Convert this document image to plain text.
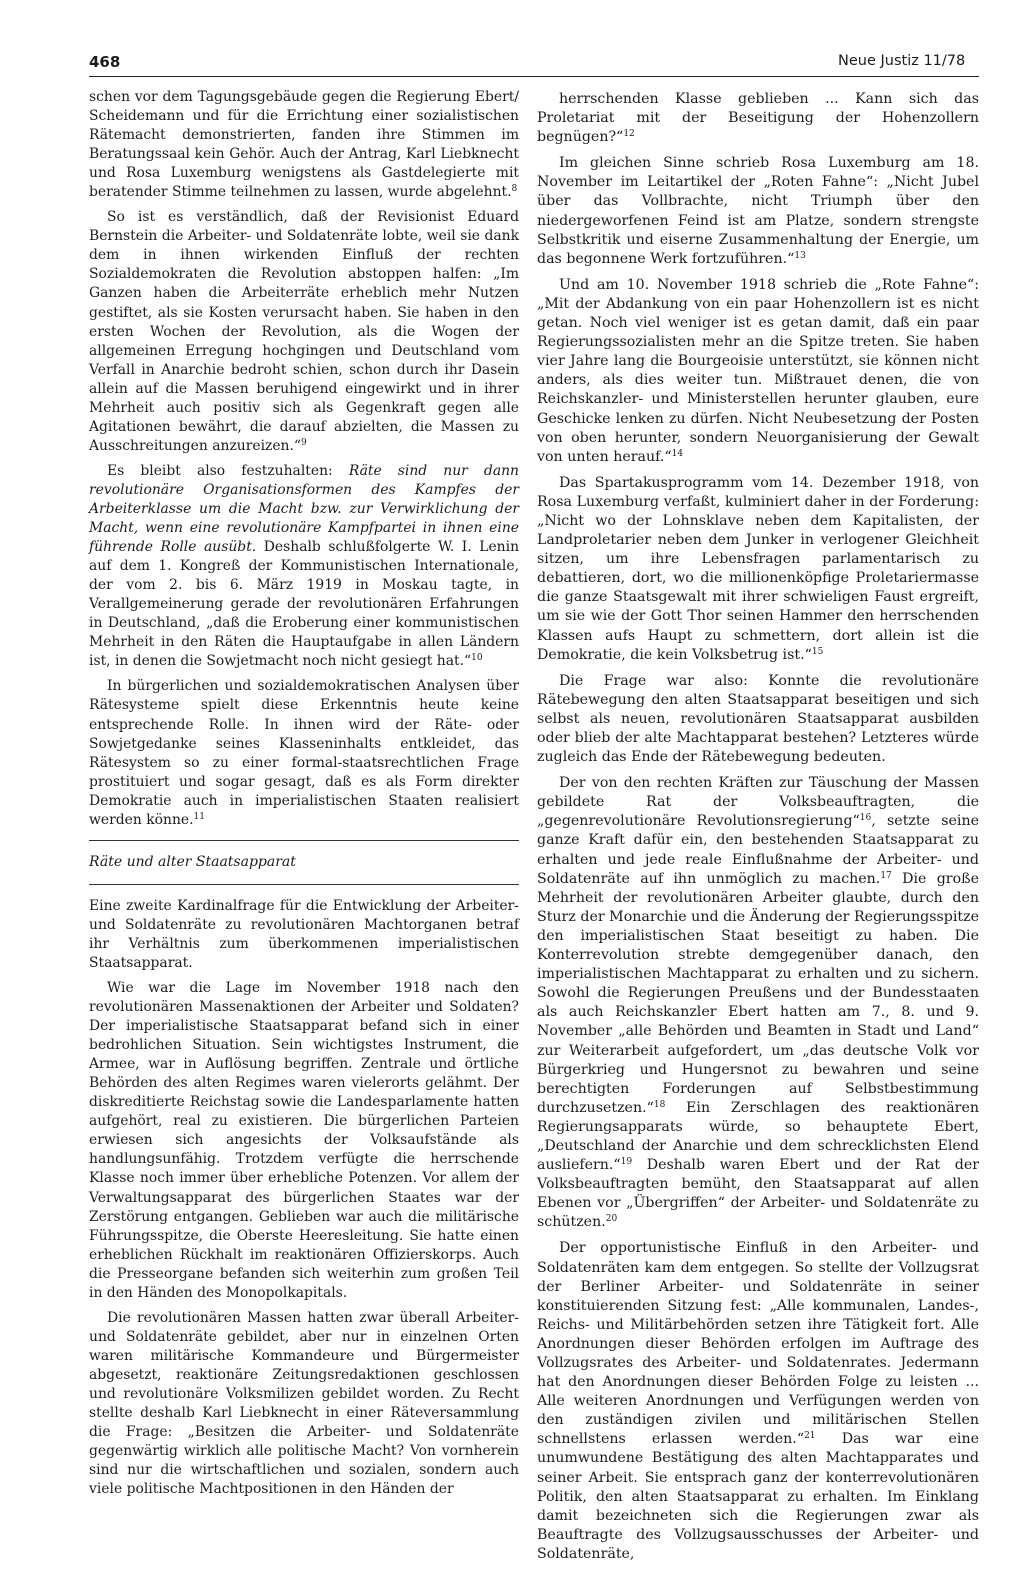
468	Neue Justiz 11/78

schen vor dem Tagungsgebäude gegen die Regierung Ebert/ Scheidemann und für die Errichtung einer sozialistischen Rätemacht demonstrierten, fanden ihre Stimmen im Beratungssaal kein Gehör. Auch der Antrag, Karl Liebknecht und Rosa Luxemburg wenigstens als Gastdelegierte mit beratender Stimme teilnehmen zu lassen, wurde abgelehnt.$^8$

So ist es verständlich, daß der Revisionist Eduard Bernstein die Arbeiter- und Soldatenräte lobte, weil sie dank dem in ihnen wirkenden Einfluß der rechten Sozialdemokraten die Revolution abstoppen halfen: „Im Ganzen haben die Arbeiterräte erheblich mehr Nutzen gestiftet, als sie Kosten verursacht haben. Sie haben in den ersten Wochen der Revolution, als die Wogen der allgemeinen Erregung hochgingen und Deutschland vom Verfall in Anarchie bedroht schien, schon durch ihr Dasein allein auf die Massen beruhigend eingewirkt und in ihrer Mehrheit auch positiv sich als Gegenkraft gegen alle Agitationen bewährt, die darauf abzielten, die Massen zu Ausschreitungen anzureizen.“$^9$

Es bleibt also festzuhalten: Räte sind nur dann revolutionäre Organisationsformen des Kampfes der Arbeiterklasse um die Macht bzw. zur Verwirklichung der Macht, wenn eine revolutionäre Kampfpartei in ihnen eine führende Rolle ausübt. Deshalb schlußfolgerte W. I. Lenin auf dem 1. Kongreß der Kommunistischen Internationale, der vom 2. bis 6. März 1919 in Moskau tagte, in Verallgemeinerung gerade der revolutionären Erfahrungen in Deutschland, „daß die Eroberung einer kommunistischen Mehrheit in den Räten die Hauptaufgabe in allen Ländern ist, in denen die Sowjetmacht noch nicht gesiegt hat.“$^{10}$

In bürgerlichen und sozialdemokratischen Analysen über Rätesysteme spielt diese Erkenntnis heute keine entsprechende Rolle. In ihnen wird der Räte- oder Sowjetgedanke seines Klasseninhalts entkleidet, das Rätesystem so zu einer formal-staatsrechtlichen Frage prostituiert und sogar gesagt, daß es als Form direkter Demokratie auch in imperialistischen Staaten realisiert werden könne.$^{11}$

Räte und alter Staatsapparat

Eine zweite Kardinalfrage für die Entwicklung der Arbeiter- und Soldatenräte zu revolutionären Machtorganen betraf ihr Verhältnis zum überkommenen imperialistischen Staatsapparat.

Wie war die Lage im November 1918 nach den revolutionären Massenaktionen der Arbeiter und Soldaten? Der imperialistische Staatsapparat befand sich in einer bedrohlichen Situation. Sein wichtigstes Instrument, die Armee, war in Auflösung begriffen. Zentrale und örtliche Behörden des alten Regimes waren vielerorts gelähmt. Der diskreditierte Reichstag sowie die Landesparlamente hatten aufgehört, real zu existieren. Die bürgerlichen Parteien erwiesen sich angesichts der Volksaufstände als handlungsunfähig. Trotzdem verfügte die herrschende Klasse noch immer über erhebliche Potenzen. Vor allem der Verwaltungsapparat des bürgerlichen Staates war der Zerstörung entgangen. Geblieben war auch die militärische Führungsspitze, die Oberste Heeresleitung. Sie hatte einen erheblichen Rückhalt im reaktionären Offizierskorps. Auch die Presseorgane befanden sich weiterhin zum großen Teil in den Händen des Monopolkapitals.

Die revolutionären Massen hatten zwar überall Arbeiter- und Soldatenräte gebildet, aber nur in einzelnen Orten waren militärische Kommandeure und Bürgermeister abgesetzt, reaktionäre Zeitungsredaktionen geschlossen und revolutionäre Volksmilizen gebildet worden. Zu Recht stellte deshalb Karl Liebknecht in einer Räteversammlung die Frage: „Besitzen die Arbeiter- und Soldatenräte gegenwärtig wirklich alle politische Macht? Von vornherein sind nur die wirtschaftlichen und sozialen, sondern auch viele politische Machtpositionen in den Händen der

herrschenden Klasse geblieben ... Kann sich das Proletariat mit der Beseitigung der Hohenzollern begnügen?“$^{12}$

Im gleichen Sinne schrieb Rosa Luxemburg am 18. November im Leitartikel der „Roten Fahne“: „Nicht Jubel über das Vollbrachte, nicht Triumph über den niedergeworfenen Feind ist am Platze, sondern strengste Selbstkritik und eiserne Zusammenhaltung der Energie, um das begonnene Werk fortzuführen.“$^{13}$

Und am 10. November 1918 schrieb die „Rote Fahne“: „Mit der Abdankung von ein paar Hohenzollern ist es nicht getan. Noch viel weniger ist es getan damit, daß ein paar Regierungssozialisten mehr an die Spitze treten. Sie haben vier Jahre lang die Bourgeoisie unterstützt, sie können nicht anders, als dies weiter tun. Mißtrauet denen, die von Reichskanzler- und Ministerstellen herunter glauben, eure Geschicke lenken zu dürfen. Nicht Neubesetzung der Posten von oben herunter, sondern Neuorganisierung der Gewalt von unten herauf.“$^{14}$

Das Spartakusprogramm vom 14. Dezember 1918, von Rosa Luxemburg verfaßt, kulminiert daher in der Forderung: „Nicht wo der Lohnsklave neben dem Kapitalisten, der Landproletarier neben dem Junker in verlogener Gleichheit sitzen, um ihre Lebensfragen parlamentarisch zu debattieren, dort, wo die millionenköpfige Proletariermasse die ganze Staatsgewalt mit ihrer schwieligen Faust ergreift, um sie wie der Gott Thor seinen Hammer den herrschenden Klassen aufs Haupt zu schmettern, dort allein ist die Demokratie, die kein Volksbetrug ist.“$^{15}$

Die Frage war also: Konnte die revolutionäre Rätebewegung den alten Staatsapparat beseitigen und sich selbst als neuen, revolutionären Staatsapparat ausbilden oder blieb der alte Machtapparat bestehen? Letzteres würde zugleich das Ende der Rätebewegung bedeuten.

Der von den rechten Kräften zur Täuschung der Massen gebildete Rat der Volksbeauftragten, die „gegenrevolutionäre Revolutionsregierung“$^{16}$, setzte seine ganze Kraft dafür ein, den bestehenden Staatsapparat zu erhalten und jede reale Einflußnahme der Arbeiter- und Soldatenräte auf ihn unmöglich zu machen.$^{17}$ Die große Mehrheit der revolutionären Arbeiter glaubte, durch den Sturz der Monarchie und die Änderung der Regierungsspitze den imperialistischen Staat beseitigt zu haben. Die Konterrevolution strebte demgegenüber danach, den imperialistischen Machtapparat zu erhalten und zu sichern. Sowohl die Regierungen Preußens und der Bundesstaaten als auch Reichskanzler Ebert hatten am 7., 8. und 9. November „alle Behörden und Beamten in Stadt und Land“ zur Weiterarbeit aufgefordert, um „das deutsche Volk vor Bürgerkrieg und Hungersnot zu bewahren und seine berechtigten Forderungen auf Selbstbestimmung durchzusetzen.“$^{18}$ Ein Zerschlagen des reaktionären Regierungsapparats würde, so behauptete Ebert, „Deutschland der Anarchie und dem schrecklichsten Elend ausliefern.“$^{19}$ Deshalb waren Ebert und der Rat der Volksbeauftragten bemüht, den Staatsapparat auf allen Ebenen vor „Übergriffen“ der Arbeiter- und Soldatenräte zu schützen.$^{20}$

Der opportunistische Einfluß in den Arbeiter- und Soldatenräten kam dem entgegen. So stellte der Vollzugsrat der Berliner Arbeiter- und Soldatenräte in seiner konstituierenden Sitzung fest: „Alle kommunalen, Landes-, Reichs- und Militärbehörden setzen ihre Tätigkeit fort. Alle Anordnungen dieser Behörden erfolgen im Auftrage des Vollzugsrates des Arbeiter- und Soldatenrates. Jedermann hat den Anordnungen dieser Behörden Folge zu leisten ... Alle weiteren Anordnungen und Verfügungen werden von den zuständigen zivilen und militärischen Stellen schnellstens erlassen werden.“$^{21}$ Das war eine unumwundene Bestätigung des alten Machtapparates und seiner Arbeit. Sie entsprach ganz der konterrevolutionären Politik, den alten Staatsapparat zu erhalten. Im Einklang damit bezeichneten sich die Regierungen zwar als Beauftragte des Vollzugsausschusses der Arbeiter- und Soldatenräte,
